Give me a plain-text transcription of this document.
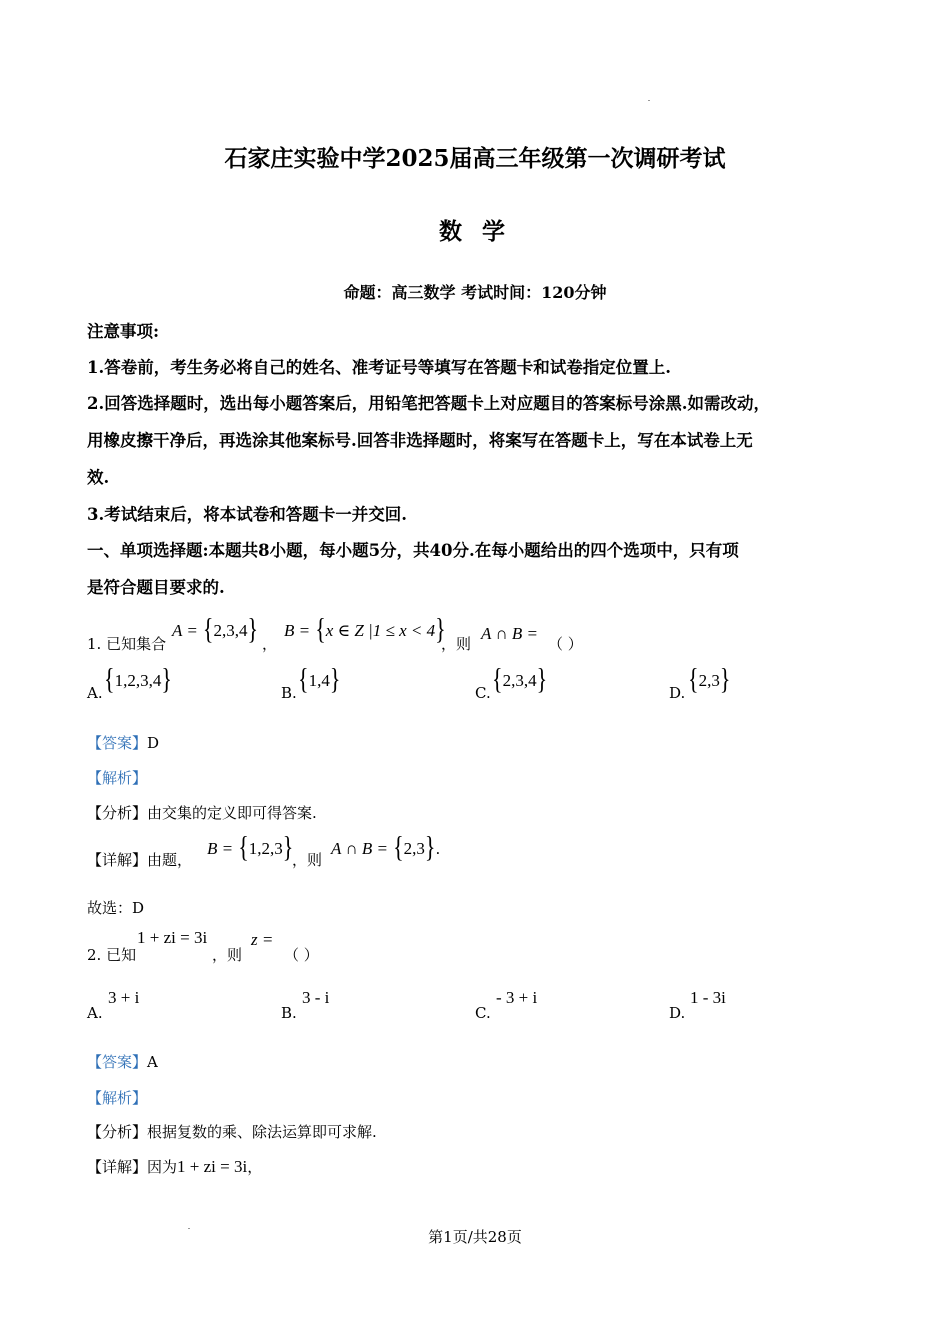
石家庄实验中学2025届高三年级第一次调研考试
数 学
命题：高三数学 考试时间：120分钟
注意事项:
1.答卷前，考生务必将自己的姓名、准考证号等填写在答题卡和试卷指定位置上.
2.回答选择题时，选出每小题答案后，用铅笔把答题卡上对应题目的答案标号涂黑.如需改动，
用橡皮擦干净后，再选涂其他案标号.回答非选择题时，将案写在答题卡上，写在本试卷上无
效.
3.考试结束后，将本试卷和答题卡一并交回.
一、单项选择题:本题共8小题，每小题5分，共40分.在每小题给出的四个选项中，只有项
是符合题目要求的.
1. 已知集合
A = {2,3,4} ，
B = {x ∈ Z |1 ≤ x < 4}
，则
A ∩ B =
（ ）
A. {1,2,3,4}	B. {1,4}	C. {2,3,4}	D. {2,3}
【答案】D
【解析】
【分析】由交集的定义即可得答案.
【详解】由题，
B = {1,2,3}
，则
A ∩ B = {2,3}.
故选：D
2. 已知
1 + zi = 3i
，则
z =
（ ）
A.
3 + i
B.
3 - i
C.
- 3 + i
D.
1 - 3i
【答案】A
【解析】
【分析】根据复数的乘、除法运算即可求解.
【详解】因为1 + zi = 3i，
第1页/共28页
